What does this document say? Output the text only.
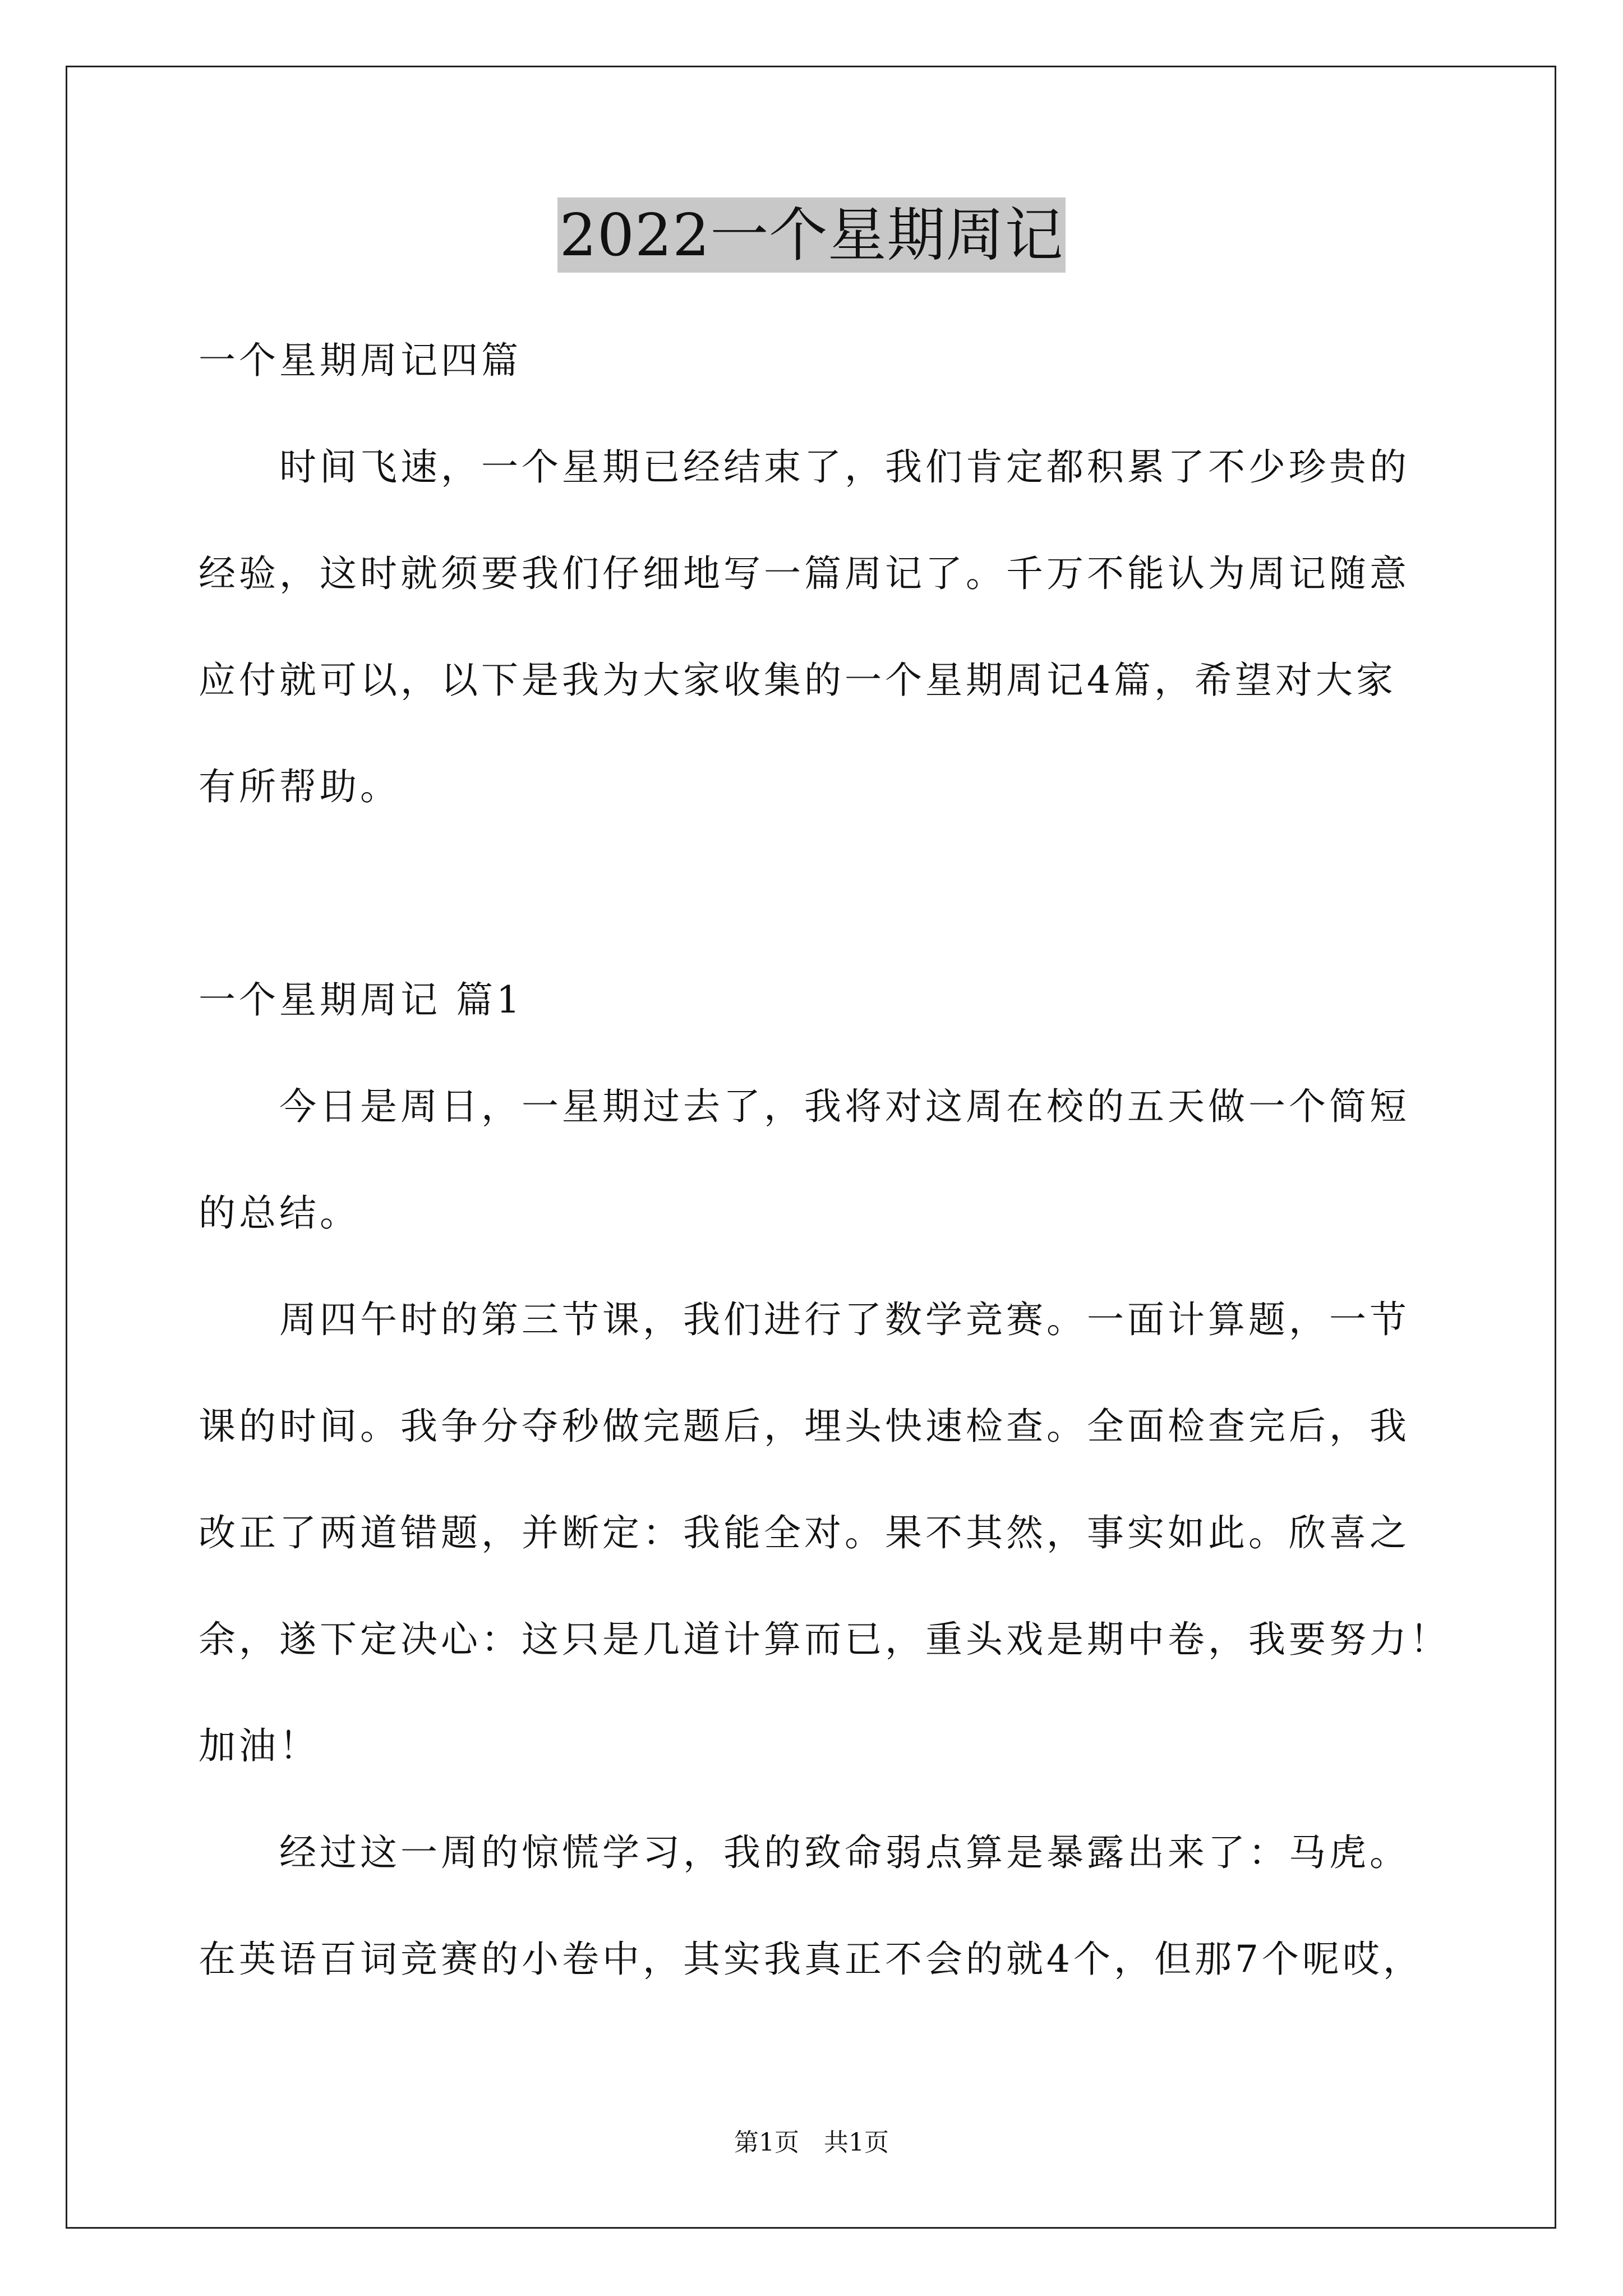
2022一个星期周记
一个星期周记四篇
　　时间飞速，一个星期已经结束了，我们肯定都积累了不少珍贵的
经验，这时就须要我们仔细地写一篇周记了。千万不能认为周记随意
应付就可以，以下是我为大家收集的一个星期周记4篇，希望对大家
有所帮助。
一个星期周记 篇1
　　今日是周日，一星期过去了，我将对这周在校的五天做一个简短
的总结。
　　周四午时的第三节课，我们进行了数学竞赛。一面计算题，一节
课的时间。我争分夺秒做完题后，埋头快速检查。全面检查完后，我
改正了两道错题，并断定：我能全对。果不其然，事实如此。欣喜之
余，遂下定决心：这只是几道计算而已，重头戏是期中卷，我要努力！
加油！
　　经过这一周的惊慌学习，我的致命弱点算是暴露出来了：马虎。
在英语百词竞赛的小卷中，其实我真正不会的就4个，但那7个呢哎，
第1页　共1页
